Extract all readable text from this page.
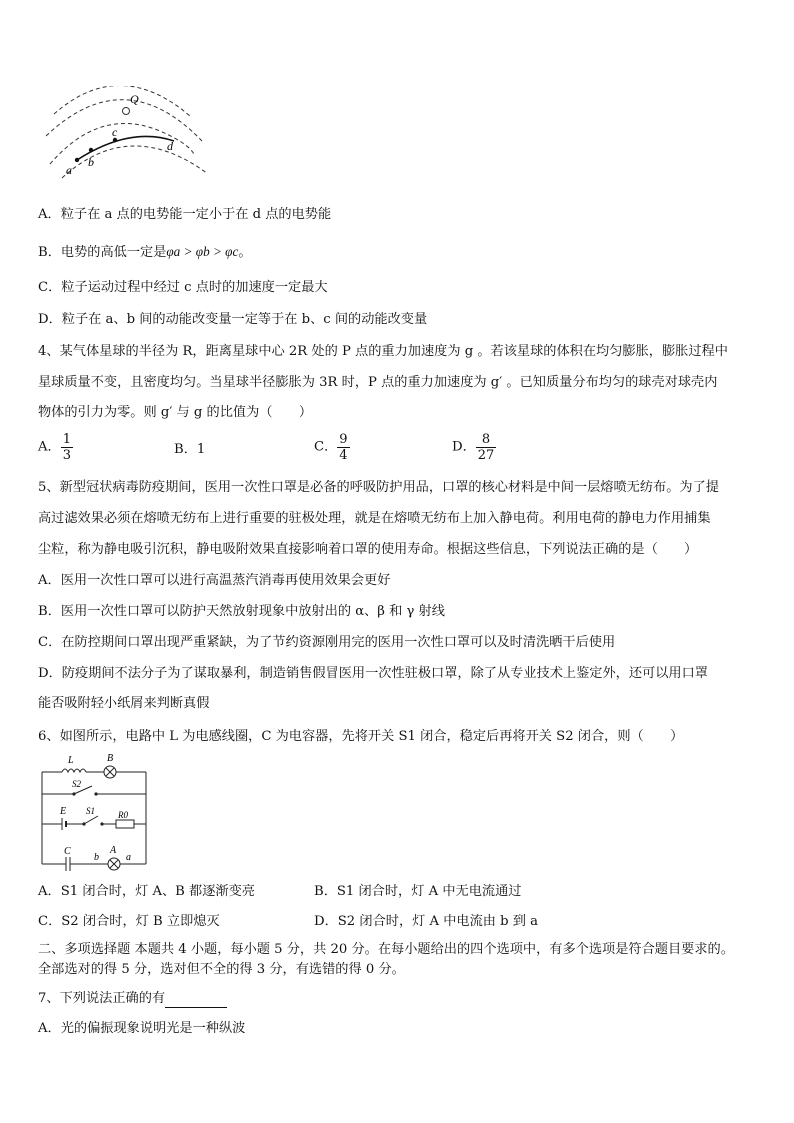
Q
a
b
c
d
A．粒子在 a 点的电势能一定小于在 d 点的电势能
B．电势的高低一定是φa > φb > φc。
C．粒子运动过程中经过 c 点时的加速度一定最大
D．粒子在 a、b 间的动能改变量一定等于在 b、c 间的动能改变量
4、某气体星球的半径为 R，距离星球中心 2R 处的 P 点的重力加速度为 g 。若该星球的体积在均匀膨胀，膨胀过程中
星球质量不变，且密度均匀。当星球半径膨胀为 3R 时，P 点的重力加速度为 g′ 。已知质量分布均匀的球壳对球壳内
物体的引力为零。则 g′ 与 g 的比值为（　　）
A． $\frac{1}{3}$	B．1	C． $\frac{9}{4}$	D． $\frac{8}{27}$
5、新型冠状病毒防疫期间，医用一次性口罩是必备的呼吸防护用品，口罩的核心材料是中间一层熔喷无纺布。为了提
高过滤效果必须在熔喷无纺布上进行重要的驻极处理，就是在熔喷无纺布上加入静电荷。利用电荷的静电力作用捕集
尘粒，称为静电吸引沉积，静电吸附效果直接影响着口罩的使用寿命。根据这些信息，下列说法正确的是（　　）
A．医用一次性口罩可以进行高温蒸汽消毒再使用效果会更好
B．医用一次性口罩可以防护天然放射现象中放射出的 α、β 和 γ 射线
C．在防控期间口罩出现严重紧缺，为了节约资源刚用完的医用一次性口罩可以及时清洗晒干后使用
D．防疫期间不法分子为了谋取暴利，制造销售假冒医用一次性驻极口罩，除了从专业技术上鉴定外，还可以用口罩
能否吸附轻小纸屑来判断真假
6、如图所示，电路中 L 为电感线圈，C 为电容器，先将开关 S1 闭合，稳定后再将开关 S2 闭合，则（　　）
L	B
S2
E S1	R0
C
b
A
a
A．S1 闭合时，灯 A、B 都逐渐变亮	B．S1 闭合时，灯 A 中无电流通过
C．S2 闭合时，灯 B 立即熄灭	D．S2 闭合时，灯 A 中电流由 b 到 a
二、多项选择题 本题共 4 小题，每小题 5 分，共 20 分。在每小题给出的四个选项中，有多个选项是符合题目要求的。
全部选对的得 5 分，选对但不全的得 3 分，有选错的得 0 分。
7、下列说法正确的有
A．光的偏振现象说明光是一种纵波
